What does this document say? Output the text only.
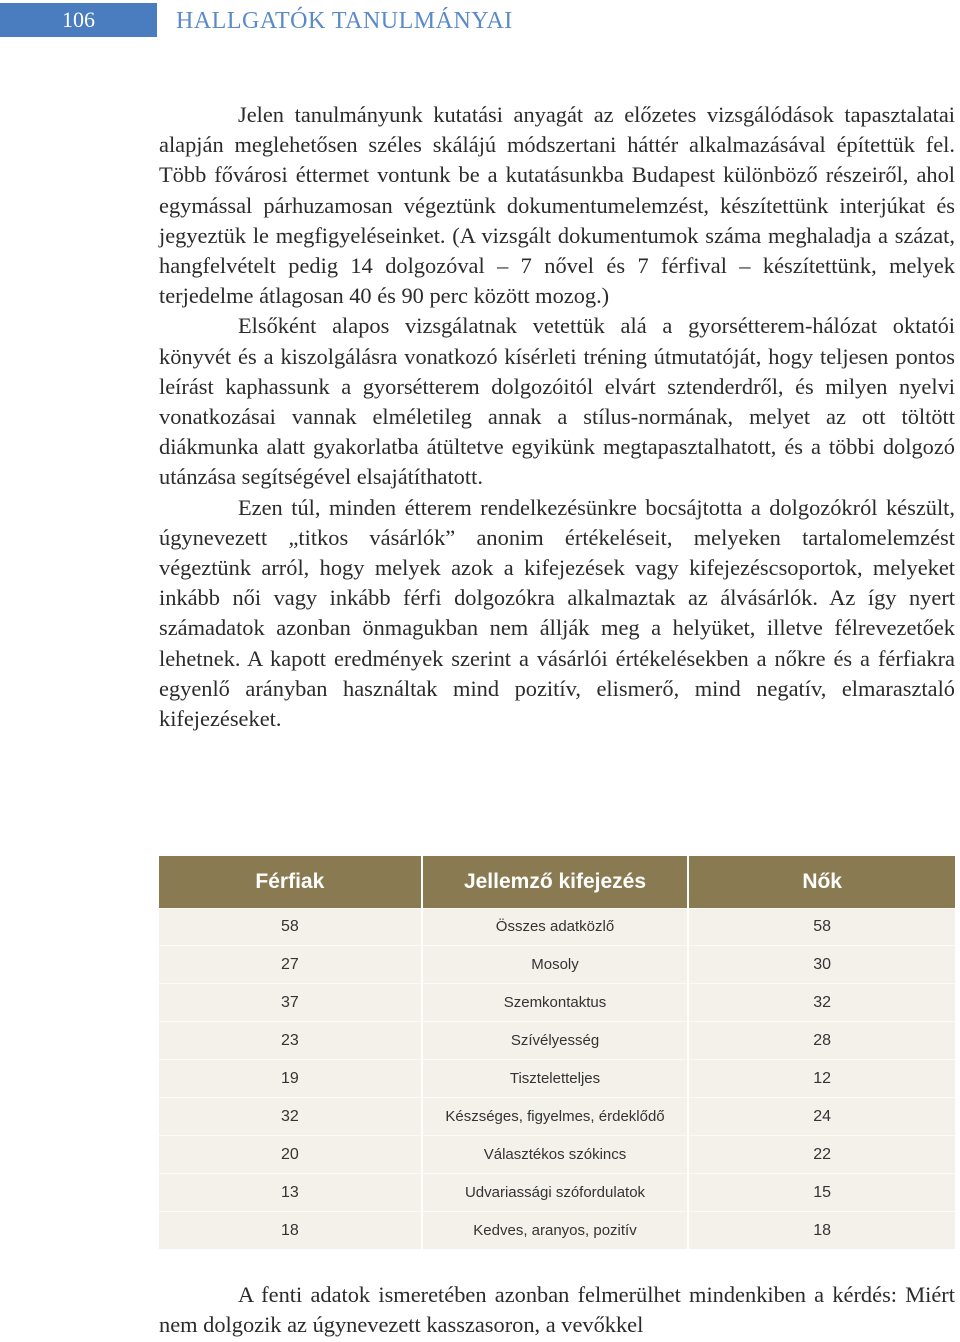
106	HALLGATÓK TANULMÁNYAI

Jelen tanulmányunk kutatási anyagát az előzetes vizsgálódások tapasztalatai alapján meglehetősen széles skálájú módszertani háttér alkalmazásával építettük fel. Több fővárosi éttermet vontunk be a kutatásunkba Budapest különböző részeiről, ahol egymással párhuzamosan végeztünk dokumentumelemzést, készítettünk interjúkat és jegyeztük le megfigyeléseinket. (A vizsgált dokumentumok száma meghaladja a százat, hangfelvételt pedig 14 dolgozóval – 7 nővel és 7 férfival – készítettünk, melyek terjedelme átlagosan 40 és 90 perc között mozog.)

Elsőként alapos vizsgálatnak vetettük alá a gyorsétterem-hálózat oktatói könyvét és a kiszolgálásra vonatkozó kísérleti tréning útmutatóját, hogy teljesen pontos leírást kaphassunk a gyorsétterem dolgozóitól elvárt sztenderdről, és milyen nyelvi vonatkozásai vannak elméletileg annak a stílus-normának, melyet az ott töltött diákmunka alatt gyakorlatba átültetve egyikünk megtapasztalhatott, és a többi dolgozó utánzása segítségével elsajátíthatott.

Ezen túl, minden étterem rendelkezésünkre bocsájtotta a dolgozókról készült, úgynevezett „titkos vásárlók” anonim értékeléseit, melyeken tartalomelemzést végeztünk arról, hogy melyek azok a kifejezések vagy kifejezéscsoportok, melyeket inkább női vagy inkább férfi dolgozókra alkalmaztak az álvásárlók. Az így nyert számadatok azonban önmagukban nem állják meg a helyüket, illetve félrevezetőek lehetnek. A kapott eredmények szerint a vásárlói értékelésekben a nőkre és a férfiakra egyenlő arányban használtak mind pozitív, elismerő, mind negatív, elmarasztaló kifejezéseket.

Férfiak	Jellemző kifejezés	Nők
58	Összes adatközlő	58
27	Mosoly	30
37	Szemkontaktus	32
23	Szívélyesség	28
19	Tiszteletteljes	12
32	Készséges, figyelmes, érdeklődő	24
20	Választékos szókincs	22
13	Udvariassági szófordulatok	15
18	Kedves, aranyos, pozitív	18

A fenti adatok ismeretében azonban felmerülhet mindenkiben a kérdés: Miért nem dolgozik az úgynevezett kasszasoron, a vevőkkel
